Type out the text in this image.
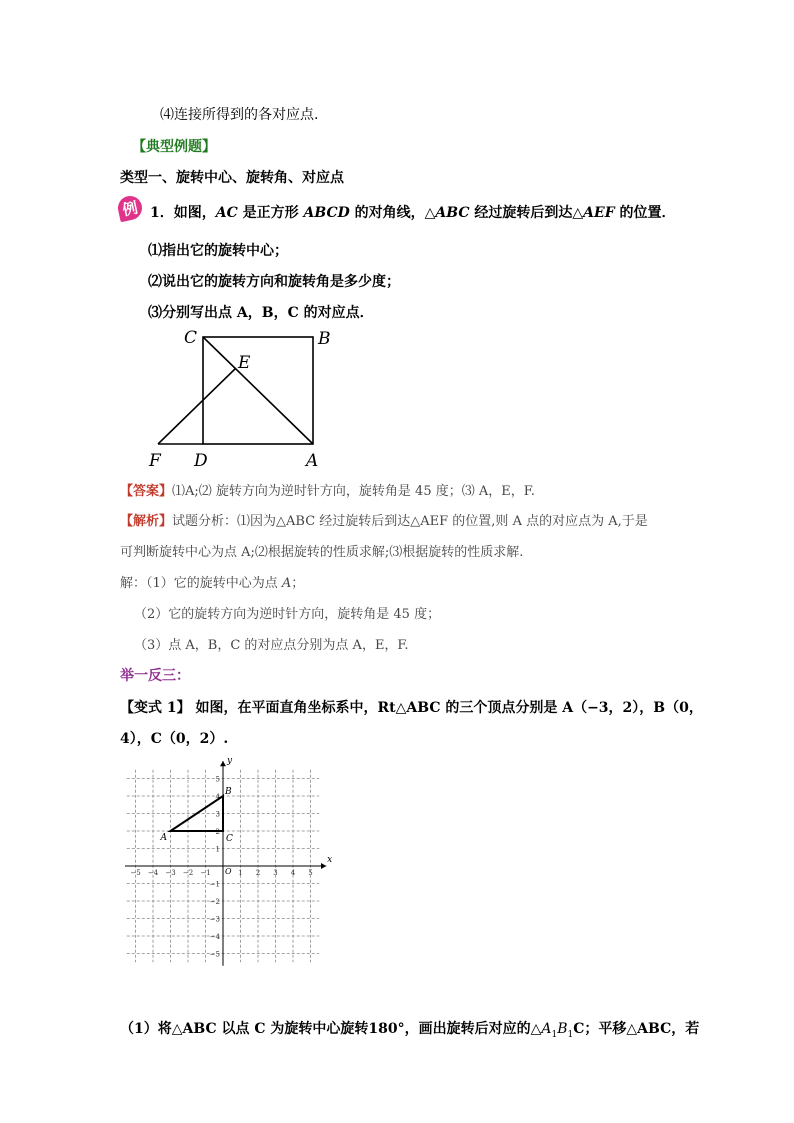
⑷连接所得到的各对应点.
【典型例题】
类型一、旋转中心、旋转角、对应点
例 1．如图，AC 是正方形 ABCD 的对角线，△ABC 经过旋转后到达△AEF 的位置．
⑴指出它的旋转中心；
⑵说出它的旋转方向和旋转角是多少度；
⑶分别写出点 A，B，C 的对应点．
C	B
E
F D	A
【答案】⑴A;⑵ 旋转方向为逆时针方向，旋转角是 45 度；⑶ A，E，F.
【解析】试题分析：⑴因为△ABC 经过旋转后到达△AEF 的位置,则 A 点的对应点为 A,于是
可判断旋转中心为点 A;⑵根据旋转的性质求解;⑶根据旋转的性质求解.
解：（1）它的旋转中心为点 A；
（2）它的旋转方向为逆时针方向，旋转角是 45 度；
（3）点 A，B，C 的对应点分别为点 A，E，F.
举一反三：
【变式 1】 如图，在平面直角坐标系中，Rt△ABC 的三个顶点分别是 A（−3，2），B（0，
4），C（0，2）.
x
y
O
−5 −4 −3 −2 −1	1 2 3 4 5
5
4
3
2
1
−1
−2
−3
−4
−5
A
B
C
（1）将△ABC 以点 C 为旋转中心旋转180°，画出旋转后对应的$\triangle A_1B_1C$；平移△ABC，若
